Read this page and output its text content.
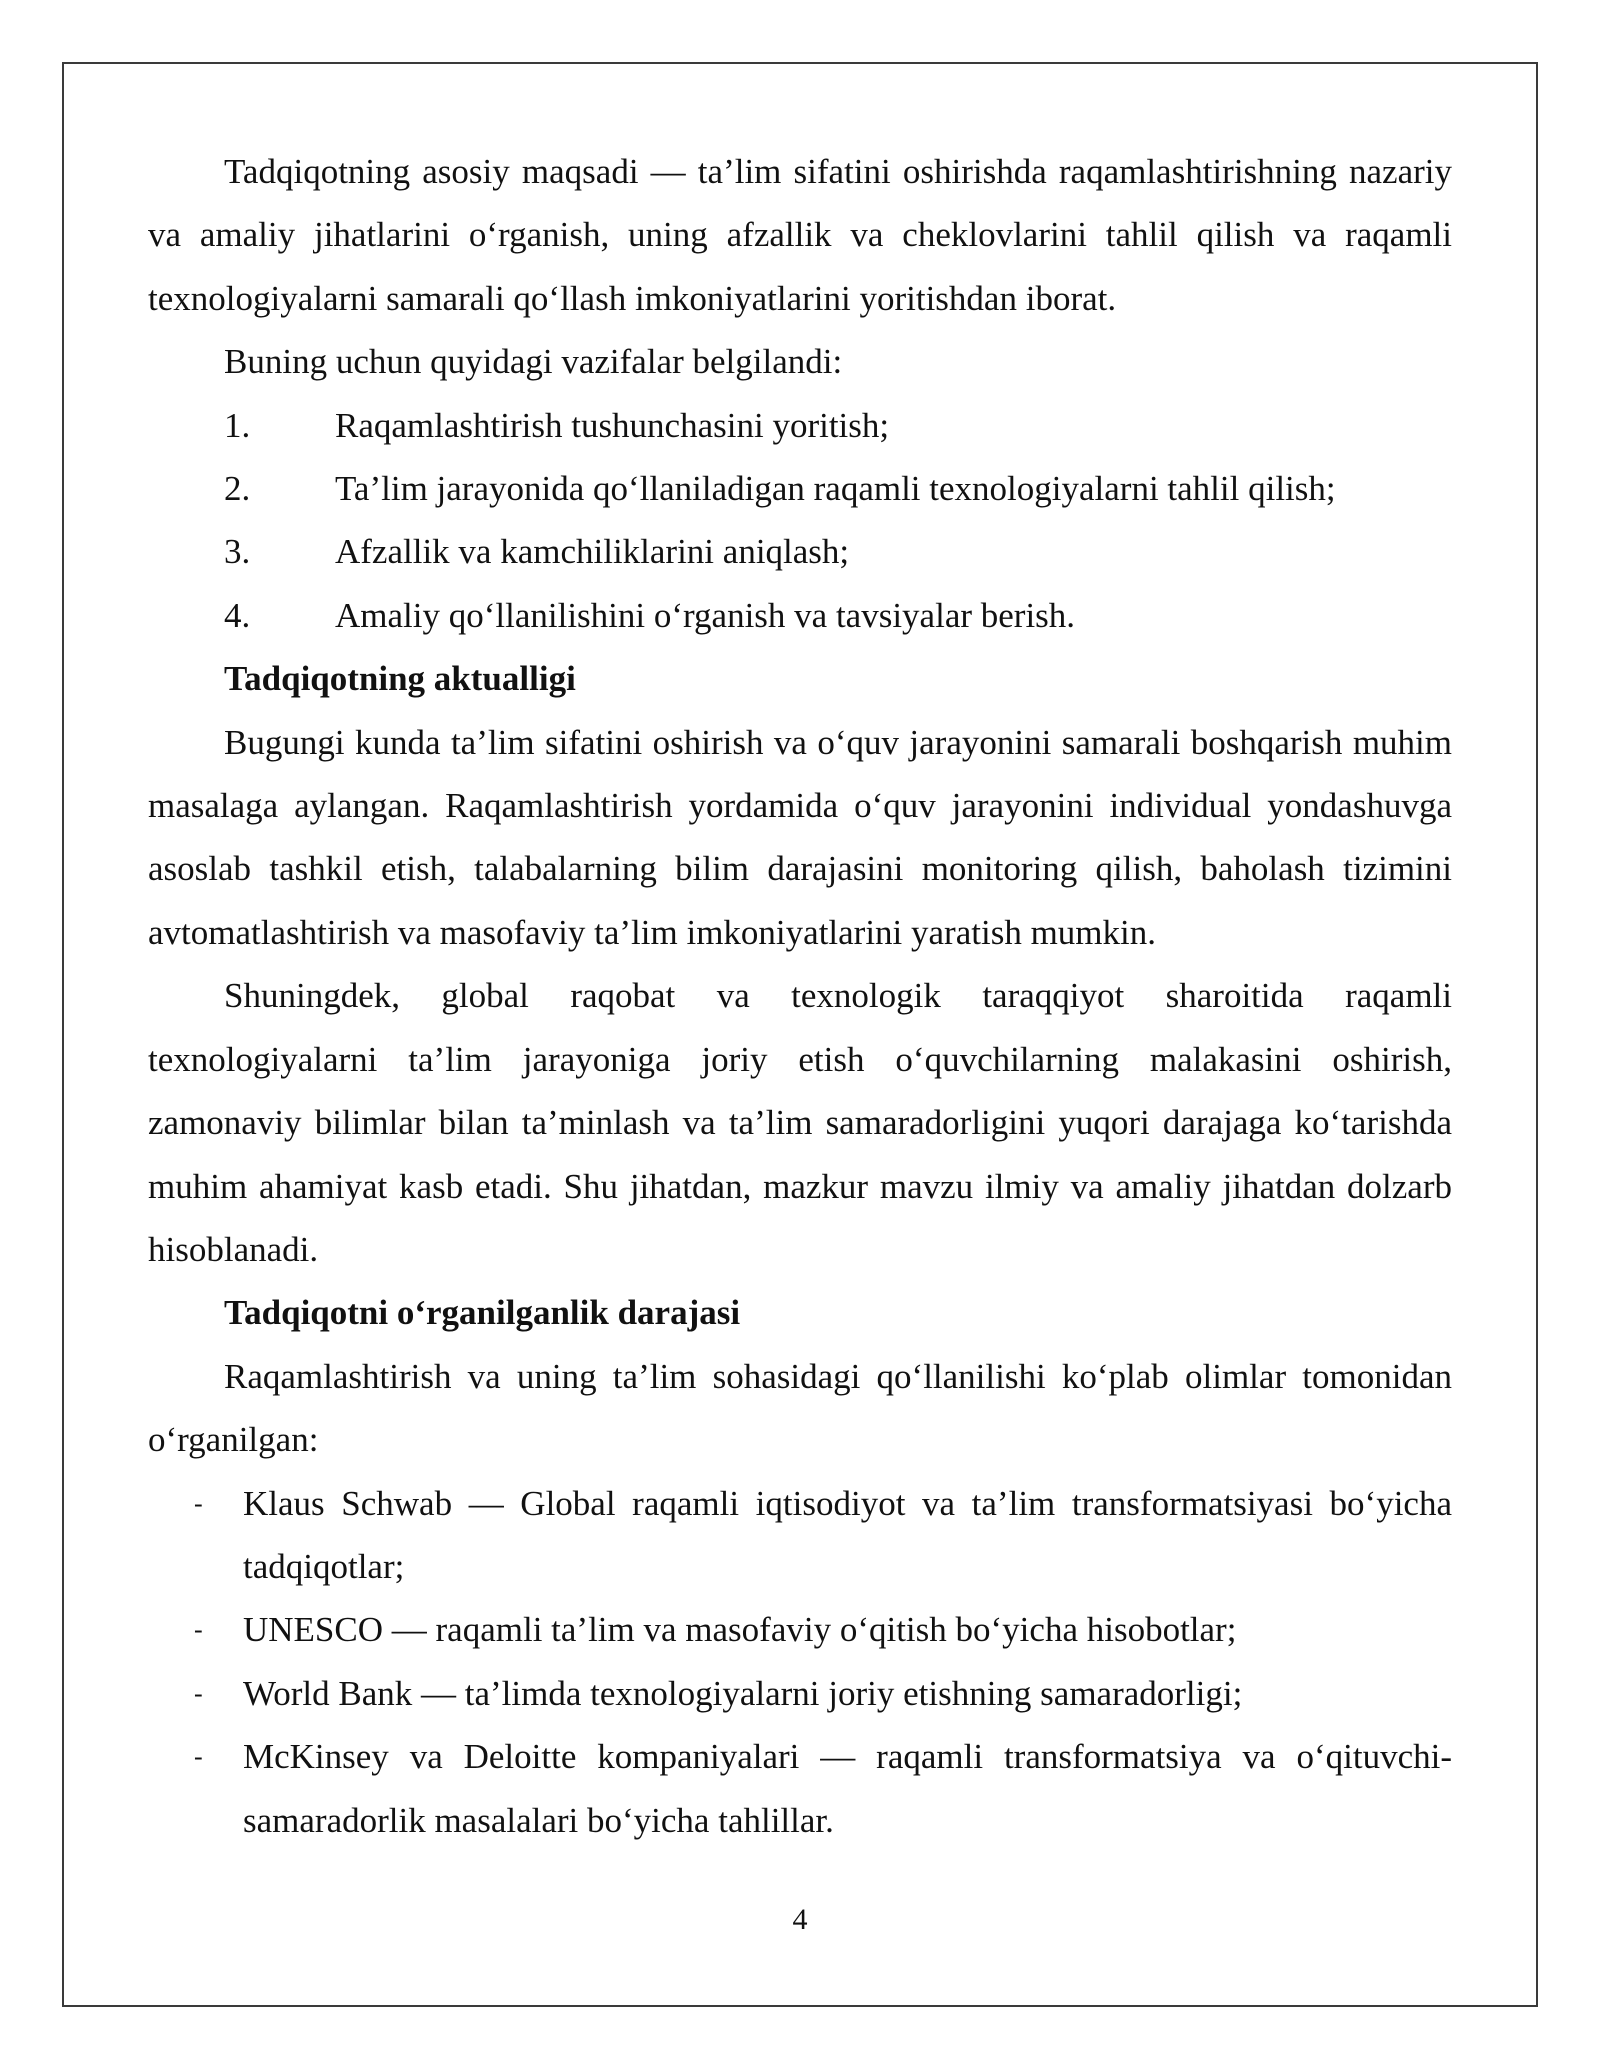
Tadqiqotning asosiy maqsadi — ta’lim sifatini oshirishda raqamlashtirishning nazariy va amaliy jihatlarini o‘rganish, uning afzallik va cheklovlarini tahlil qilish va raqamli texnologiyalarni samarali qo‘llash imkoniyatlarini yoritishdan iborat.

Buning uchun quyidagi vazifalar belgilandi:

1.	Raqamlashtirish tushunchasini yoritish;
2.	Ta’lim jarayonida qo‘llaniladigan raqamli texnologiyalarni tahlil qilish;
3.	Afzallik va kamchiliklarini aniqlash;
4.	Amaliy qo‘llanilishini o‘rganish va tavsiyalar berish.

Tadqiqotning aktualligi

Bugungi kunda ta’lim sifatini oshirish va o‘quv jarayonini samarali boshqarish muhim masalaga aylangan. Raqamlashtirish yordamida o‘quv jarayonini individual yondashuvga asoslab tashkil etish, talabalarning bilim darajasini monitoring qilish, baholash tizimini avtomatlashtirish va masofaviy ta’lim imkoniyatlarini yaratish mumkin.

Shuningdek, global raqobat va texnologik taraqqiyot sharoitida raqamli texnologiyalarni ta’lim jarayoniga joriy etish o‘quvchilarning malakasini oshirish, zamonaviy bilimlar bilan ta’minlash va ta’lim samaradorligini yuqori darajaga ko‘tarishda muhim ahamiyat kasb etadi. Shu jihatdan, mazkur mavzu ilmiy va amaliy jihatdan dolzarb hisoblanadi.

Tadqiqotni o‘rganilganlik darajasi

Raqamlashtirish va uning ta’lim sohasidagi qo‘llanilishi ko‘plab olimlar tomonidan o‘rganilgan:

- Klaus Schwab — Global raqamli iqtisodiyot va ta’lim transformatsiyasi bo‘yicha tadqiqotlar;
- UNESCO — raqamli ta’lim va masofaviy o‘qitish bo‘yicha hisobotlar;
- World Bank — ta’limda texnologiyalarni joriy etishning samaradorligi;
- McKinsey va Deloitte kompaniyalari — raqamli transformatsiya va o‘qituvchi-samaradorlik masalalari bo‘yicha tahlillar.
4
